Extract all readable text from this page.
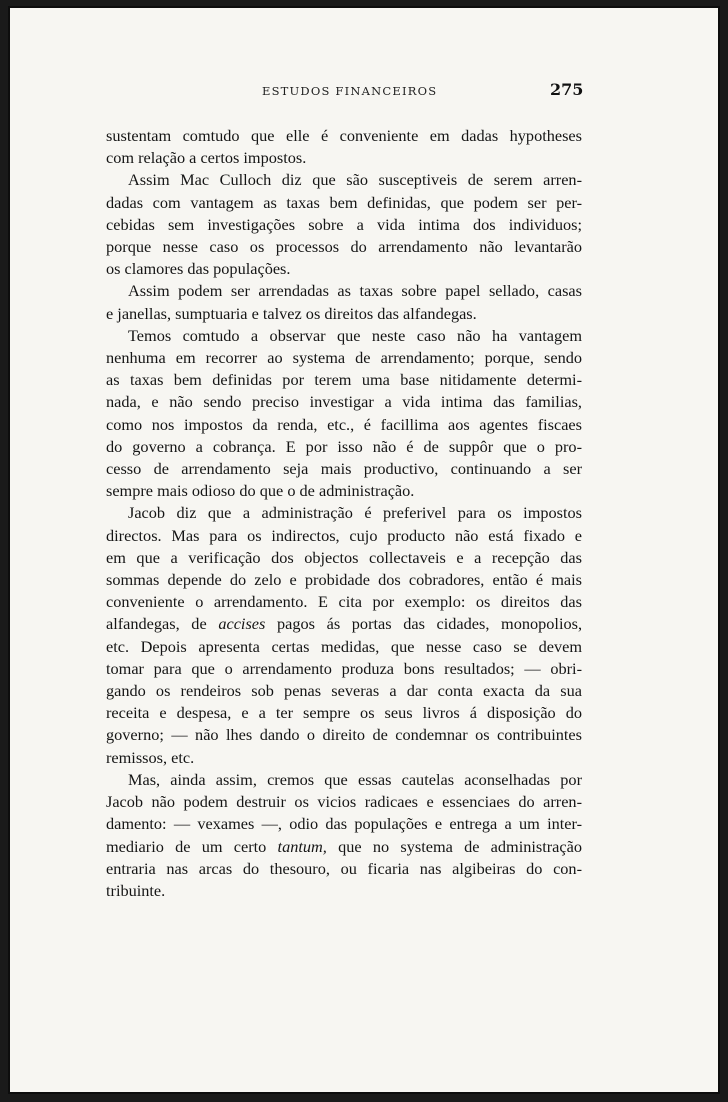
ESTUDOS FINANCEIROS	275

sustentam comtudo que elle é conveniente em dadas hypotheses

com relação a certos impostos.

Assim Mac Culloch diz que são susceptiveis de serem arren-

dadas com vantagem as taxas bem definidas, que podem ser per-

cebidas sem investigações sobre a vida intima dos individuos;

porque nesse caso os processos do arrendamento não levantarão

os clamores das populações.

Assim podem ser arrendadas as taxas sobre papel sellado, casas

e janellas, sumptuaria e talvez os direitos das alfandegas.

Temos comtudo a observar que neste caso não ha vantagem

nenhuma em recorrer ao systema de arrendamento; porque, sendo

as taxas bem definidas por terem uma base nitidamente determi-

nada, e não sendo preciso investigar a vida intima das familias,

como nos impostos da renda, etc., é facillima aos agentes fiscaes

do governo a cobrança. E por isso não é de suppôr que o pro-

cesso de arrendamento seja mais productivo, continuando a ser

sempre mais odioso do que o de administração.

Jacob diz que a administração é preferivel para os impostos

directos. Mas para os indirectos, cujo producto não está fixado e

em que a verificação dos objectos collectaveis e a recepção das

sommas depende do zelo e probidade dos cobradores, então é mais

conveniente o arrendamento. E cita por exemplo: os direitos das

alfandegas, de accises pagos ás portas das cidades, monopolios,

etc. Depois apresenta certas medidas, que nesse caso se devem

tomar para que o arrendamento produza bons resultados; — obri-

gando os rendeiros sob penas severas a dar conta exacta da sua

receita e despesa, e a ter sempre os seus livros á disposição do

governo; — não lhes dando o direito de condemnar os contribuintes

remissos, etc.

Mas, ainda assim, cremos que essas cautelas aconselhadas por

Jacob não podem destruir os vicios radicaes e essenciaes do arren-

damento: — vexames —, odio das populações e entrega a um inter-

mediario de um certo tantum, que no systema de administração

entraria nas arcas do thesouro, ou ficaria nas algibeiras do con-

tribuinte.
